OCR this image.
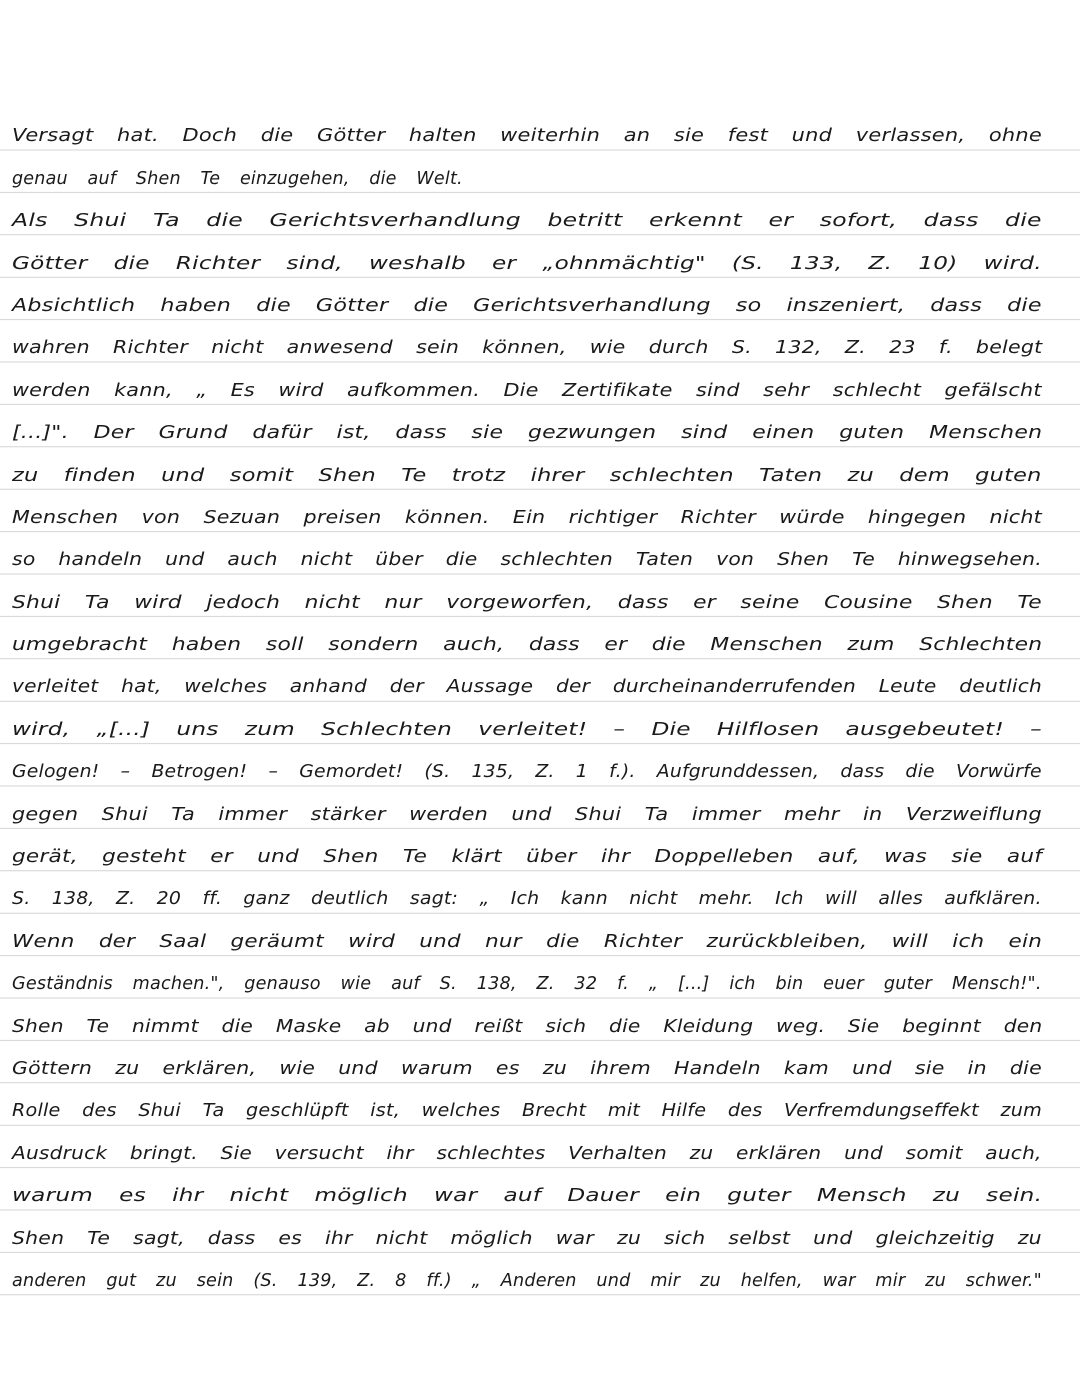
Versagt hat. Doch die Götter halten weiterhin an sie fest und verlassen, ohne
genau auf Shen Te einzugehen, die Welt.
Als Shui Ta die Gerichtsverhandlung betritt erkennt er sofort, dass die
Götter die Richter sind, weshalb er „ohnmächtig" (S. 133, Z. 10) wird.
Absichtlich haben die Götter die Gerichtsverhandlung so inszeniert, dass die
wahren Richter nicht anwesend sein können, wie durch S. 132, Z. 23 f. belegt
werden kann, „ Es wird aufkommen. Die Zertifikate sind sehr schlecht gefälscht
[...]". Der Grund dafür ist, dass sie gezwungen sind einen guten Menschen
zu finden und somit Shen Te trotz ihrer schlechten Taten zu dem guten
Menschen von Sezuan preisen können. Ein richtiger Richter würde hingegen nicht
so handeln und auch nicht über die schlechten Taten von Shen Te hinwegsehen.
Shui Ta wird jedoch nicht nur vorgeworfen, dass er seine Cousine Shen Te
umgebracht haben soll sondern auch, dass er die Menschen zum Schlechten
verleitet hat, welches anhand der Aussage der durcheinanderrufenden Leute deutlich
wird, „[...] uns zum Schlechten verleitet! – Die Hilflosen ausgebeutet! –
Gelogen! – Betrogen! – Gemordet! (S. 135, Z. 1 f.). Aufgrunddessen, dass die Vorwürfe
gegen Shui Ta immer stärker werden und Shui Ta immer mehr in Verzweiflung
gerät, gesteht er und Shen Te klärt über ihr Doppelleben auf, was sie auf
S. 138, Z. 20 ff. ganz deutlich sagt: „ Ich kann nicht mehr. Ich will alles aufklären.
Wenn der Saal geräumt wird und nur die Richter zurückbleiben, will ich ein
Geständnis machen.", genauso wie auf S. 138, Z. 32 f. „ [...] ich bin euer guter Mensch!".
Shen Te nimmt die Maske ab und reißt sich die Kleidung weg. Sie beginnt den
Göttern zu erklären, wie und warum es zu ihrem Handeln kam und sie in die
Rolle des Shui Ta geschlüpft ist, welches Brecht mit Hilfe des Verfremdungseffekt zum
Ausdruck bringt. Sie versucht ihr schlechtes Verhalten zu erklären und somit auch,
warum es ihr nicht möglich war auf Dauer ein guter Mensch zu sein.
Shen Te sagt, dass es ihr nicht möglich war zu sich selbst und gleichzeitig zu
anderen gut zu sein (S. 139, Z. 8 ff.) „ Anderen und mir zu helfen, war mir zu schwer."
